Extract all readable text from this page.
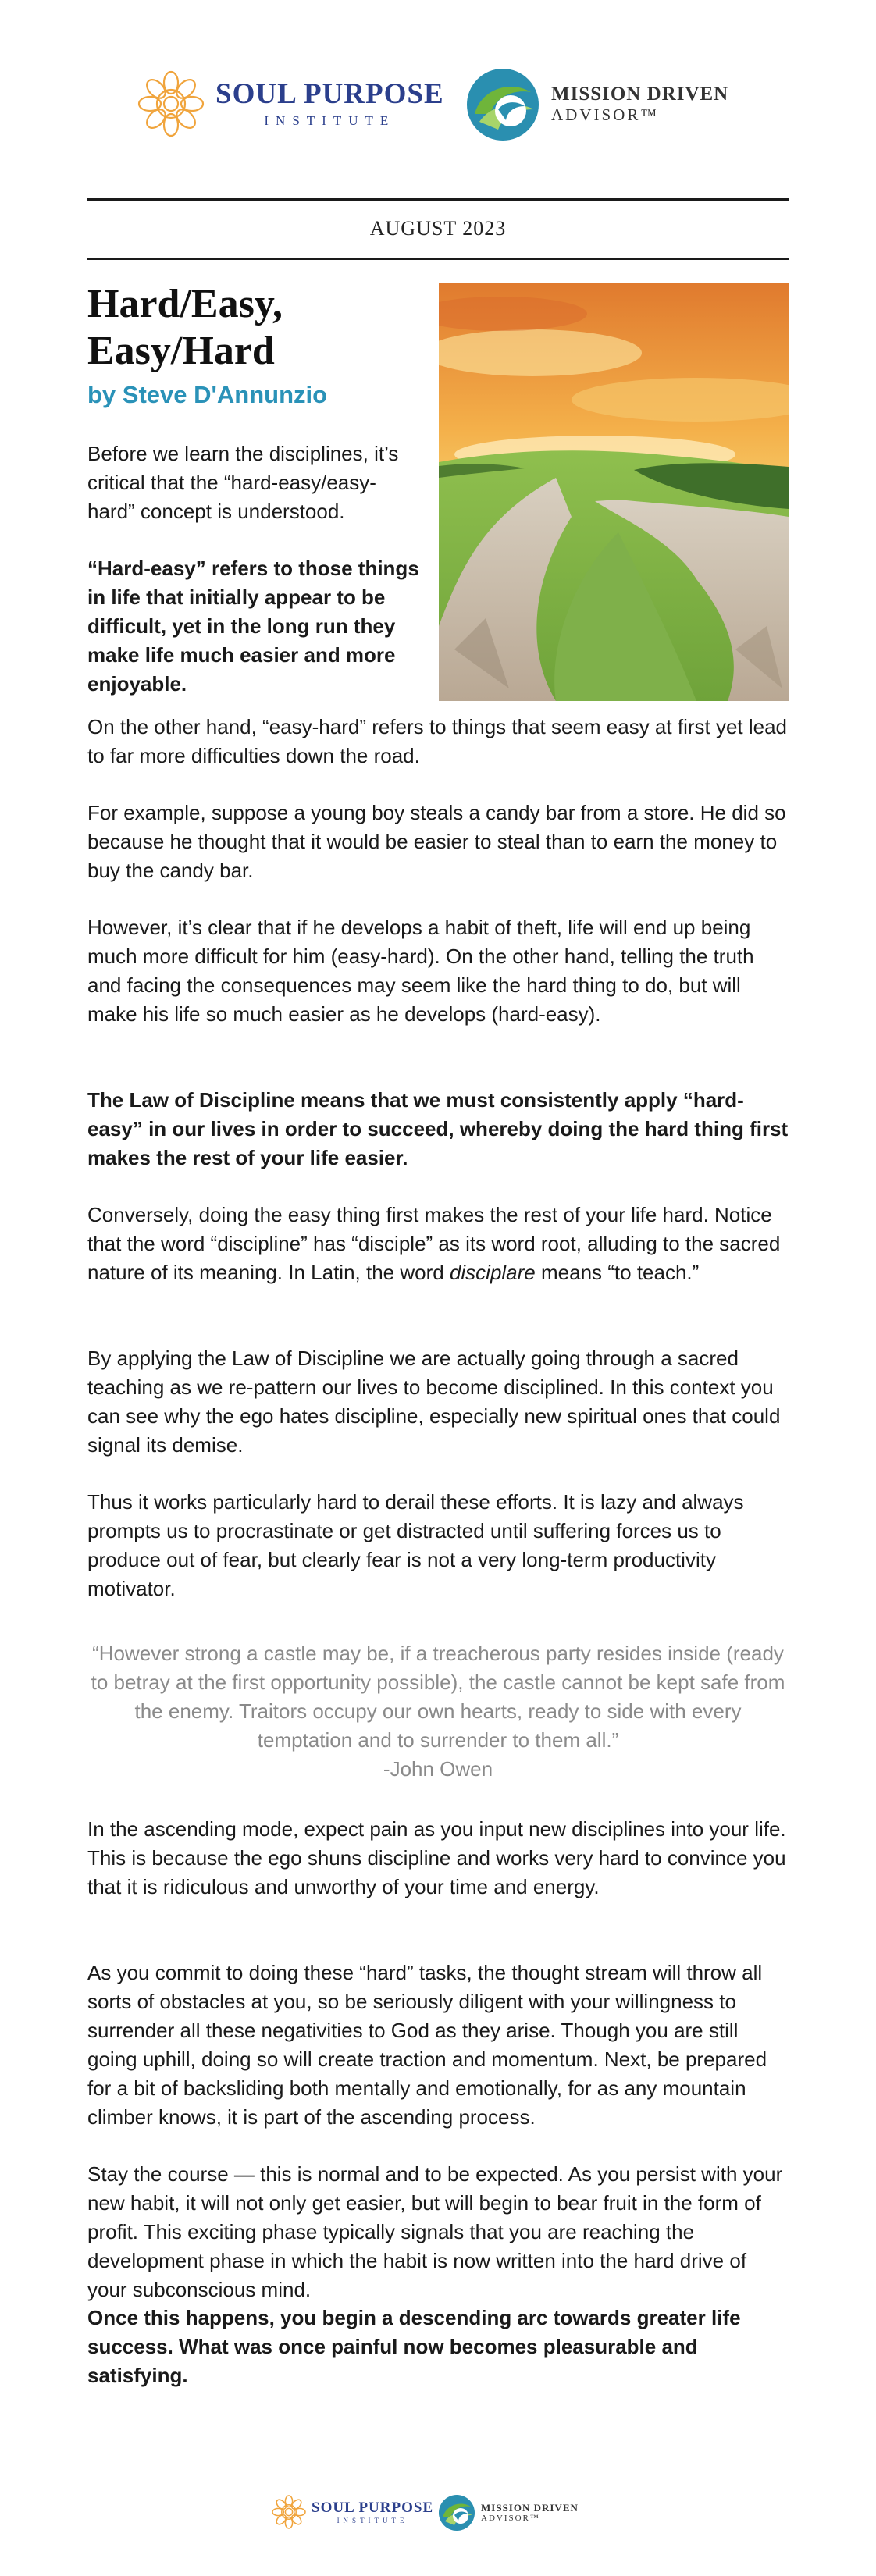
SOUL PURPOSE
INSTITUTE
MISSION DRIVEN
ADVISOR™
AUGUST 2023
Hard/Easy, Easy/Hard
by Steve D'Annunzio

Before we learn the disciplines, it’s critical that the “hard-easy/easy-hard” concept is understood.

“Hard-easy” refers to those things in life that initially appear to be difficult, yet in the long run they make life much easier and more enjoyable.

On the other hand, “easy-hard” refers to things that seem easy at first yet lead to far more difficulties down the road.

For example, suppose a young boy steals a candy bar from a store. He did so because he thought that it would be easier to steal than to earn the money to buy the candy bar.

However, it’s clear that if he develops a habit of theft, life will end up being much more difficult for him (easy-hard). On the other hand, telling the truth and facing the consequences may seem like the hard thing to do, but will make his life so much easier as he develops (hard-easy).

The Law of Discipline means that we must consistently apply “hard-easy” in our lives in order to succeed, whereby doing the hard thing first makes the rest of your life easier.

Conversely, doing the easy thing first makes the rest of your life hard. Notice that the word “discipline” has “disciple” as its word root, alluding to the sacred nature of its meaning. In Latin, the word disciplare means “to teach.”

By applying the Law of Discipline we are actually going through a sacred teaching as we re-pattern our lives to become disciplined. In this context you can see why the ego hates discipline, especially new spiritual ones that could signal its demise.

Thus it works particularly hard to derail these efforts. It is lazy and always prompts us to procrastinate or get distracted until suffering forces us to produce out of fear, but clearly fear is not a very long-term productivity motivator.

“However strong a castle may be, if a treacherous party resides inside (ready to betray at the first opportunity possible), the castle cannot be kept safe from the enemy. Traitors occupy our own hearts, ready to side with every temptation and to surrender to them all.”
-John Owen

In the ascending mode, expect pain as you input new disciplines into your life. This is because the ego shuns discipline and works very hard to convince you that it is ridiculous and unworthy of your time and energy.

As you commit to doing these “hard” tasks, the thought stream will throw all sorts of obstacles at you, so be seriously diligent with your willingness to surrender all these negativities to God as they arise. Though you are still going uphill, doing so will create traction and momentum. Next, be prepared for a bit of backsliding both mentally and emotionally, for as any mountain climber knows, it is part of the ascending process.

Stay the course — this is normal and to be expected. As you persist with your new habit, it will not only get easier, but will begin to bear fruit in the form of profit. This exciting phase typically signals that you are reaching the development phase in which the habit is now written into the hard drive of your subconscious mind.

Once this happens, you begin a descending arc towards greater life success. What was once painful now becomes pleasurable and satisfying.

SOUL PURPOSE
INSTITUTE
MISSION DRIVEN
ADVISOR™
